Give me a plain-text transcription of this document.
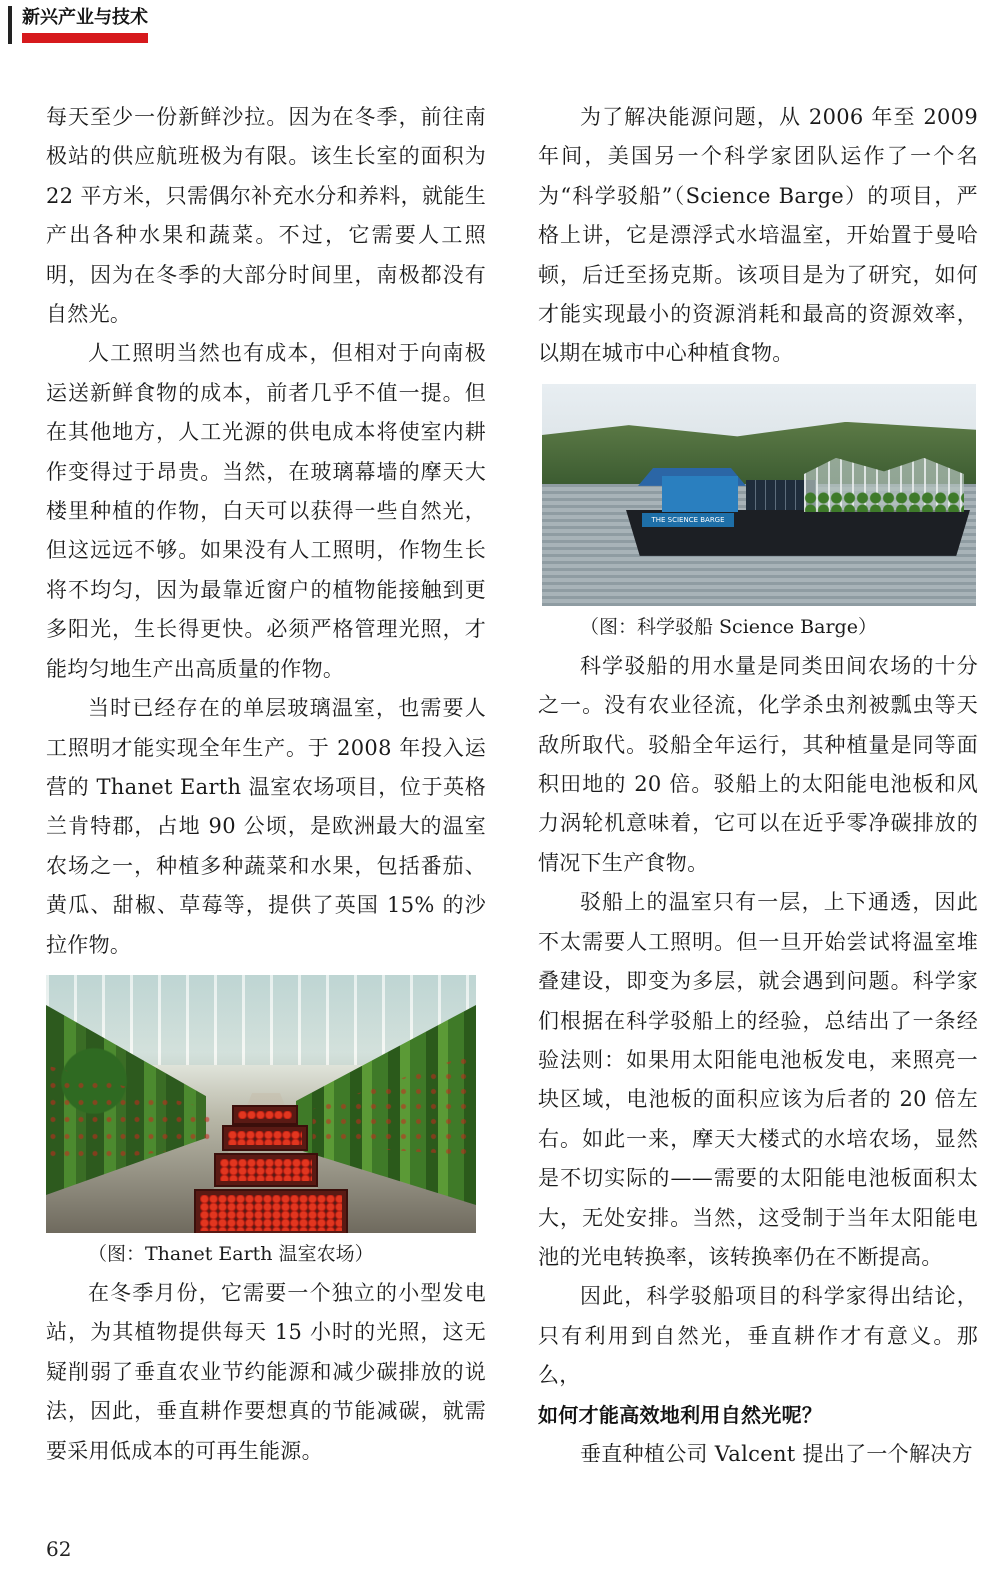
新兴产业与技术

每天至少一份新鲜沙拉。因为在冬季，前往南极站的供应航班极为有限。该生长室的面积为 22 平方米，只需偶尔补充水分和养料，就能生产出各种水果和蔬菜。不过，它需要人工照明，因为在冬季的大部分时间里，南极都没有自然光。

人工照明当然也有成本，但相对于向南极运送新鲜食物的成本，前者几乎不值一提。但在其他地方，人工光源的供电成本将使室内耕作变得过于昂贵。当然，在玻璃幕墙的摩天大楼里种植的作物，白天可以获得一些自然光，但这远远不够。如果没有人工照明，作物生长将不均匀，因为最靠近窗户的植物能接触到更多阳光，生长得更快。必须严格管理光照，才能均匀地生产出高质量的作物。

当时已经存在的单层玻璃温室，也需要人工照明才能实现全年生产。于 2008 年投入运营的 Thanet Earth 温室农场项目，位于英格兰肯特郡，占地 90 公顷，是欧洲最大的温室农场之一，种植多种蔬菜和水果，包括番茄、黄瓜、甜椒、草莓等，提供了英国 15% 的沙拉作物。

（图：Thanet Earth 温室农场）

在冬季月份，它需要一个独立的小型发电站，为其植物提供每天 15 小时的光照，这无疑削弱了垂直农业节约能源和减少碳排放的说法，因此，垂直耕作要想真的节能减碳，就需要采用低成本的可再生能源。

为了解决能源问题，从 2006 年至 2009 年间，美国另一个科学家团队运作了一个名为“科学驳船”（Science Barge）的项目，严格上讲，它是漂浮式水培温室，开始置于曼哈顿，后迁至扬克斯。该项目是为了研究，如何才能实现最小的资源消耗和最高的资源效率，以期在城市中心种植食物。

THE SCIENCE BARGE
（图：科学驳船 Science Barge）

科学驳船的用水量是同类田间农场的十分之一。没有农业径流，化学杀虫剂被瓢虫等天敌所取代。驳船全年运行，其种植量是同等面积田地的 20 倍。驳船上的太阳能电池板和风力涡轮机意味着，它可以在近乎零净碳排放的情况下生产食物。

驳船上的温室只有一层，上下通透，因此不太需要人工照明。但一旦开始尝试将温室堆叠建设，即变为多层，就会遇到问题。科学家们根据在科学驳船上的经验，总结出了一条经验法则：如果用太阳能电池板发电，来照亮一块区域，电池板的面积应该为后者的 20 倍左右。如此一来，摩天大楼式的水培农场，显然是不切实际的——需要的太阳能电池板面积太大，无处安排。当然，这受制于当年太阳能电池的光电转换率，该转换率仍在不断提高。

因此，科学驳船项目的科学家得出结论，只有利用到自然光，垂直耕作才有意义。那么，

如何才能高效地利用自然光呢？

垂直种植公司 Valcent 提出了一个解决方

62
